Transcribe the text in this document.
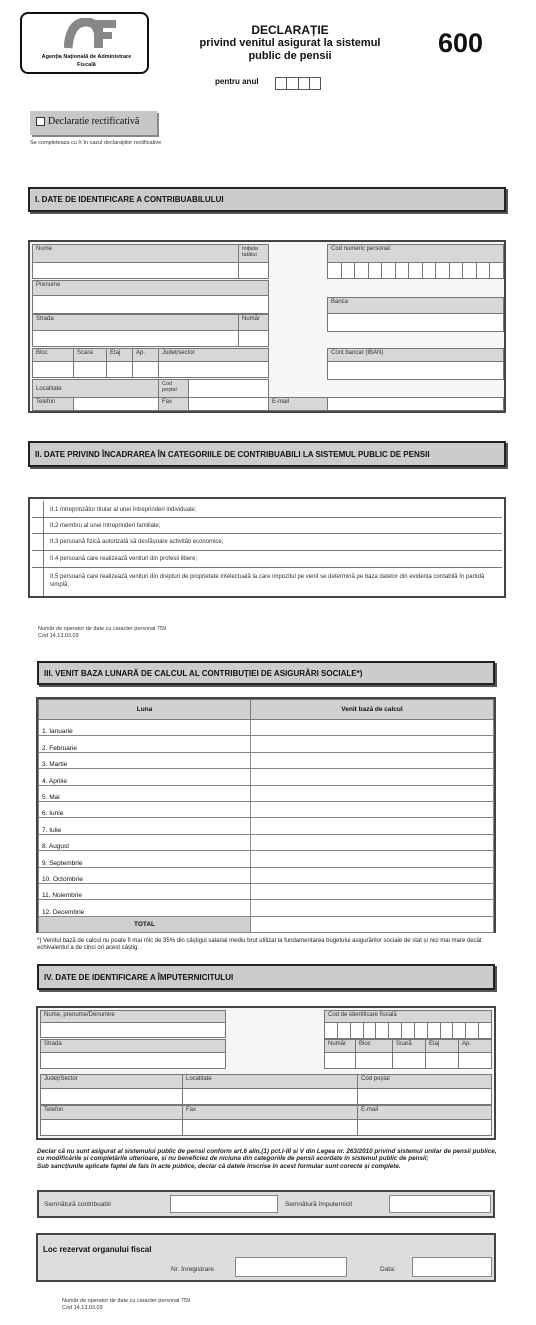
Agenția Națională de Administrare
Fiscală
DECLARAȚIE
privind venitul asigurat la sistemul
public de pensii	600
pentru anul
Declaratie rectificativă
Se completeaza cu X în cazul declarațiilor rectificative
I. DATE DE IDENTIFICARE A CONTRIBUABILULUI
Nume	Inițiala tatălui
Prenume
Strada	Număr
Bloc	Scara	Etaj	Ap.	Județ/sector
Localitate
Cod poștal
Telefon	Fax	E-mail
Cod numeric personal:
Banca
Cont bancar (IBAN)
II. DATE PRIVIND ÎNCADRAREA ÎN CATEGORIILE DE CONTRIBUABILI LA SISTEMUL PUBLIC DE PENSII
II.1 întreprinzător titular al unei întreprinderi individuale;
II.2 membru al unei întreprinderi familiale;
II.3 persoană fizică autorizată să desfășoare activități economice;
II.4 persoană care realizează venituri din profesii libere;
II.5 persoană care realizează venituri din drepturi de proprietate intelectuală la care impozitul pe venit se determină pe baza datelor din evidența contabilă în partidă simplă;
Număr de operator de date cu caracter personal 759
Cod 14.13.03.03
III. VENIT BAZA LUNARĂ DE CALCUL AL CONTRIBUȚIEI DE ASIGURĂRI SOCIALE*)
Luna	Venit bază de calcul
1. Ianuarie	
2. Februarie	
3. Martie	
4. Aprilie	
5. Mai	
6. Iunie	
7. Iulie	
8. August	
9. Septembrie	
10. Octombrie	
11. Noiembrie	
12. Decembrie	
TOTAL	
*) Venitul bază de calcul nu poate fi mai mic de 35% din câștigul salarial mediu brut utilizat la fundamentarea bugetului asigurărilor sociale de stat și nici mai mare decât echivalentul a de cinci ori acest câștig.
IV. DATE DE IDENTIFICARE A ÎMPUTERNICITULUI
Nume, prenume/Denumire
Strada
Cod de identificare fiscală
Număr	Bloc	Scară	Etaj	Ap.
Județ/Sector	Localitate	Cod poștal
Telefon	Fax	E-mail
Declar că nu sunt asigurat al sistemului public de pensii conform art.6 alin.(1) pct.I-III și V din Legea nr. 263/2010 privind sistemul unitar de pensii publice, cu modificările și completările ulterioare, și nu beneficiez de niciuna din categoriile de pensii acordate în sistemul public de pensii;
Sub sancțiunile aplicate faptei de fals în acte publice, declar că datele înscrise în acest formular sunt corecte și complete.
Semnătură contribuabil	Semnătură împuternicit
Loc rezervat organului fiscal
Nr. înregistrare	Data:
Număr de operator de date cu caracter personal 759
Cod 14.13.03.03
